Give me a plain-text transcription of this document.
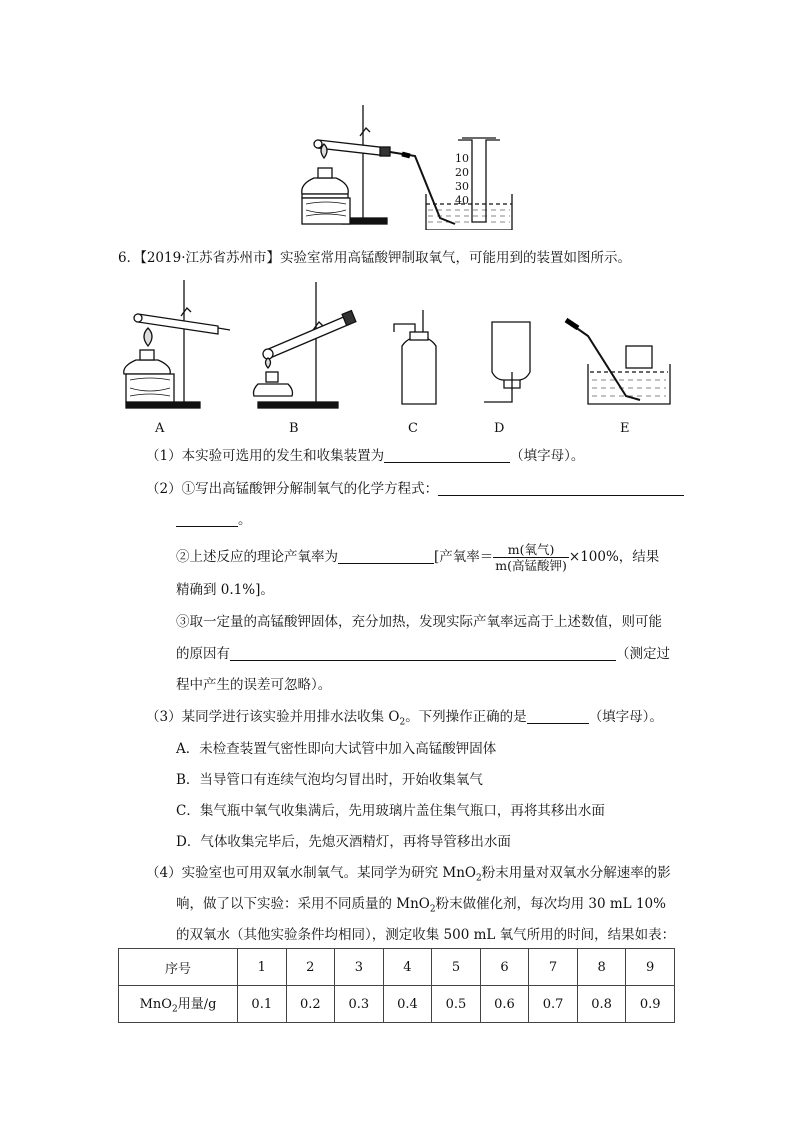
10
20
30
40
6．【2019·江苏省苏州市】实验室常用高锰酸钾制取氧气，可能用到的装置如图所示。
A	B	C	D	E
（1）本实验可选用的发生和收集装置为	（填字母）。
（2）①写出高锰酸钾分解制氧气的化学方程式：
。
②上述反应的理论产氧率为	[产氧率＝ $\frac{\text{m(氧气)}}{\text{m(高锰酸钾)}} \times 100\%$，结果
精确到 0.1%]。
③取一定量的高锰酸钾固体，充分加热，发现实际产氧率远高于上述数值，则可能
的原因有	（测定过
程中产生的误差可忽略）。
（3）某同学进行该实验并用排水法收集 $O_2$。下列操作正确的是	（填字母）。
A．未检查装置气密性即向大试管中加入高锰酸钾固体
B．当导管口有连续气泡均匀冒出时，开始收集氧气
C．集气瓶中氧气收集满后，先用玻璃片盖住集气瓶口，再将其移出水面
D．气体收集完毕后，先熄灭酒精灯，再将导管移出水面
（4）实验室也可用双氧水制氧气。某同学为研究 MnO$_2$粉末用量对双氧水分解速率的影
响，做了以下实验：采用不同质量的 MnO$_2$粉末做催化剂，每次均用 30 mL 10%
的双氧水（其他实验条件均相同），测定收集 500 mL 氧气所用的时间，结果如表：
序号	1	2	3	4	5	6	7	8	9
MnO$_2$用量/g	0.1	0.2	0.3	0.4	0.5	0.6	0.7	0.8	0.9
